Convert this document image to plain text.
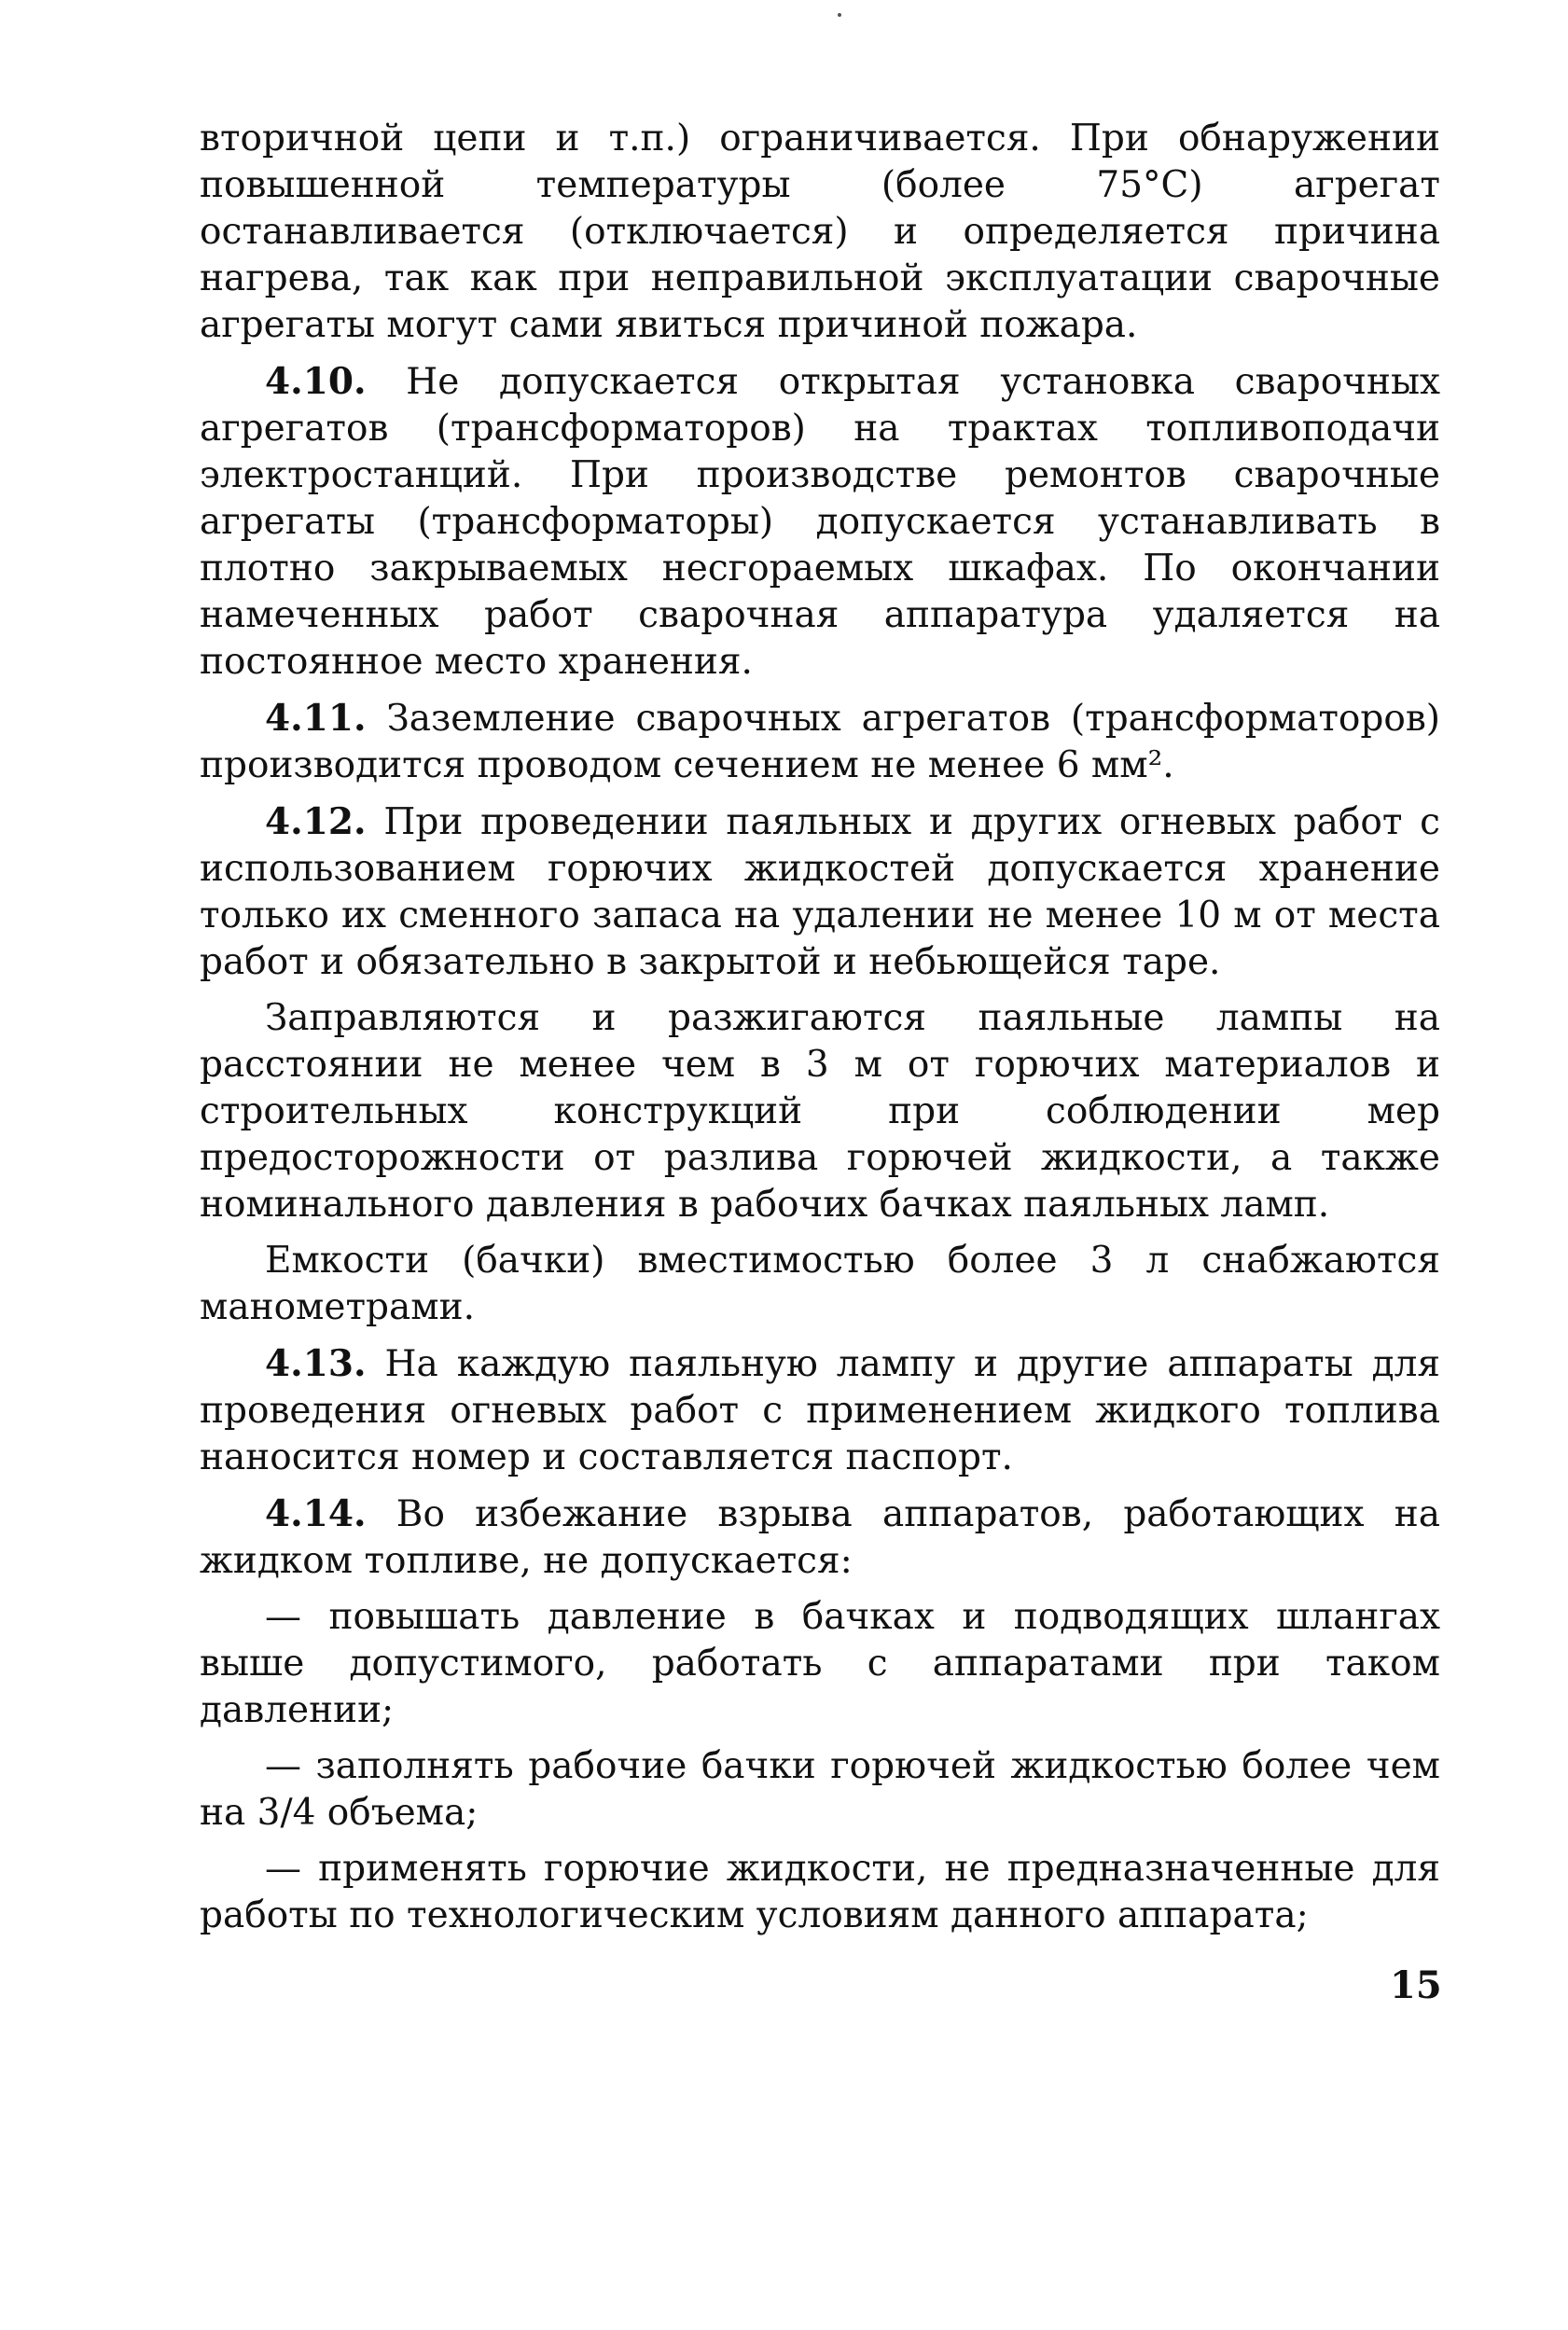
вторичной цепи и т.п.) ограничивается. При обнаружении повышенной температуры (более 75°С) агрегат останавливается (отключается) и определяется причина нагрева, так как при неправильной эксплуатации сварочные агрегаты могут сами явиться причиной пожара.

4.10. Не допускается открытая установка сварочных агрегатов (трансформаторов) на трактах топливоподачи электростанций. При производстве ремонтов сварочные агрегаты (трансформаторы) допускается устанавливать в плотно закрываемых несгораемых шкафах. По окончании намеченных работ сварочная аппаратура удаляется на постоянное место хранения.

4.11. Заземление сварочных агрегатов (трансформаторов) производится проводом сечением не менее 6 мм².

4.12. При проведении паяльных и других огневых работ с использованием горючих жидкостей допускается хранение только их сменного запаса на удалении не менее 10 м от места работ и обязательно в закрытой и небьющейся таре.

Заправляются и разжигаются паяльные лампы на расстоянии не менее чем в 3 м от горючих материалов и строительных конструкций при соблюдении мер предосторожности от разлива горючей жидкости, а также номинального давления в рабочих бачках паяльных ламп.

Емкости (бачки) вместимостью более 3 л снабжаются манометрами.

4.13. На каждую паяльную лампу и другие аппараты для проведения огневых работ с применением жидкого топлива наносится номер и составляется паспорт.

4.14. Во избежание взрыва аппаратов, работающих на жидком топливе, не допускается:

— повышать давление в бачках и подводящих шлангах выше допустимого, работать с аппаратами при таком давлении;

— заполнять рабочие бачки горючей жидкостью более чем на 3/4 объема;

— применять горючие жидкости, не предназначенные для работы по технологическим условиям данного аппарата;

15
